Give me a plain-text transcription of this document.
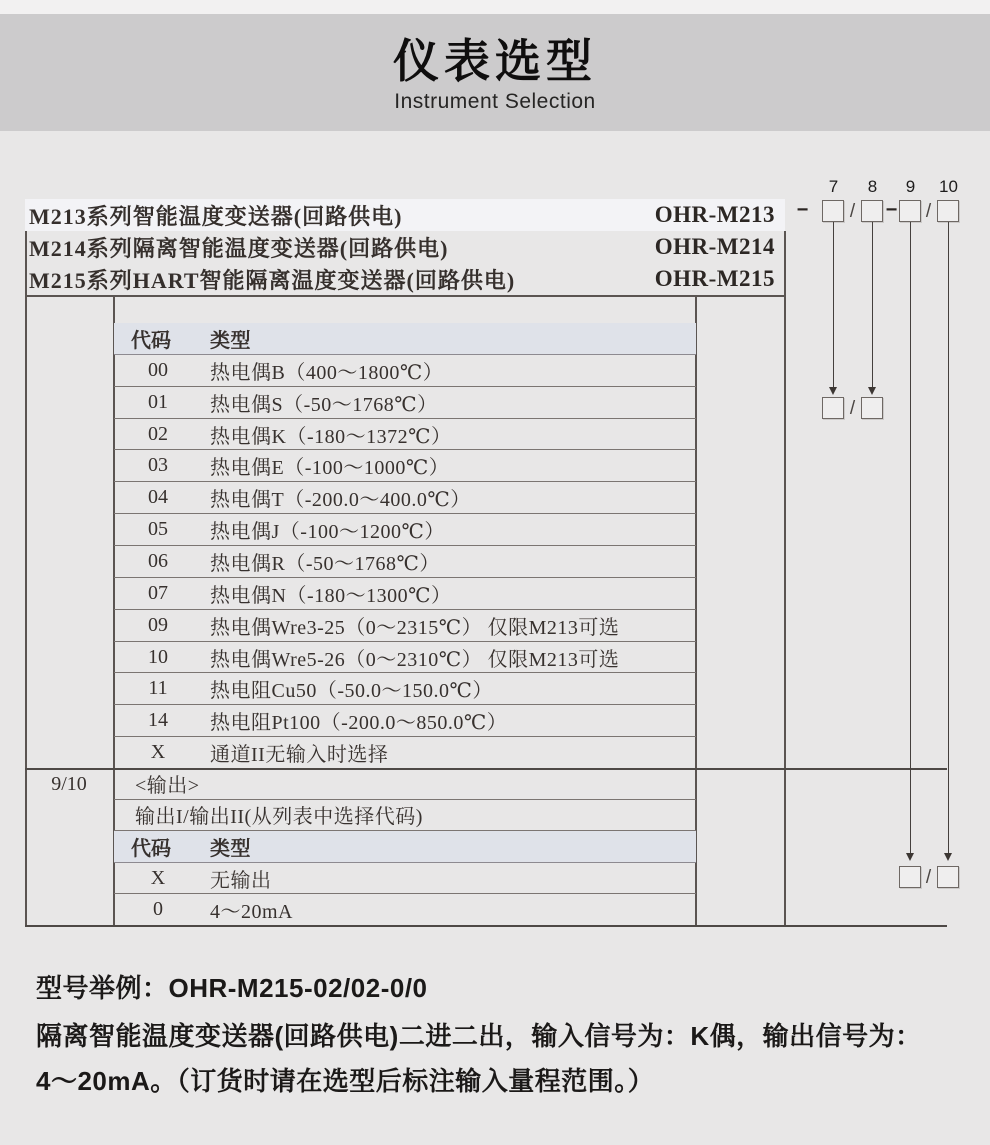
仪表选型
Instrument Selection
M213系列智能温度变送器(回路供电)	OHR-M213
M214系列隔离智能温度变送器(回路供电)	OHR-M214
M215系列HART智能隔离温度变送器(回路供电)	OHR-M215
代码	类型
00	热电偶B（400～1800℃）
01	热电偶S（-50～1768℃）
02	热电偶K（-180～1372℃）
03	热电偶E（-100～1000℃）
04	热电偶T（-200.0～400.0℃）
05	热电偶J（-100～1200℃）
06	热电偶R（-50～1768℃）
07	热电偶N（-180～1300℃）
09	热电偶Wre3-25（0～2315℃） 仅限M213可选
10	热电偶Wre5-26（0～2310℃） 仅限M213可选
11	热电阻Cu50（-50.0～150.0℃）
14	热电阻Pt100（-200.0～850.0℃）
X	通道II无输入时选择
9/10	<输出>
输出I/输出II(从列表中选择代码)
代码	类型
X	无输出
0	4～20mA
7	8	9	10
− / − /
/
/
型号举例：OHR-M215-02/02-0/0
隔离智能温度变送器(回路供电)二进二出，输入信号为：K偶，输出信号为：
4～20mA。（订货时请在选型后标注输入量程范围。）
